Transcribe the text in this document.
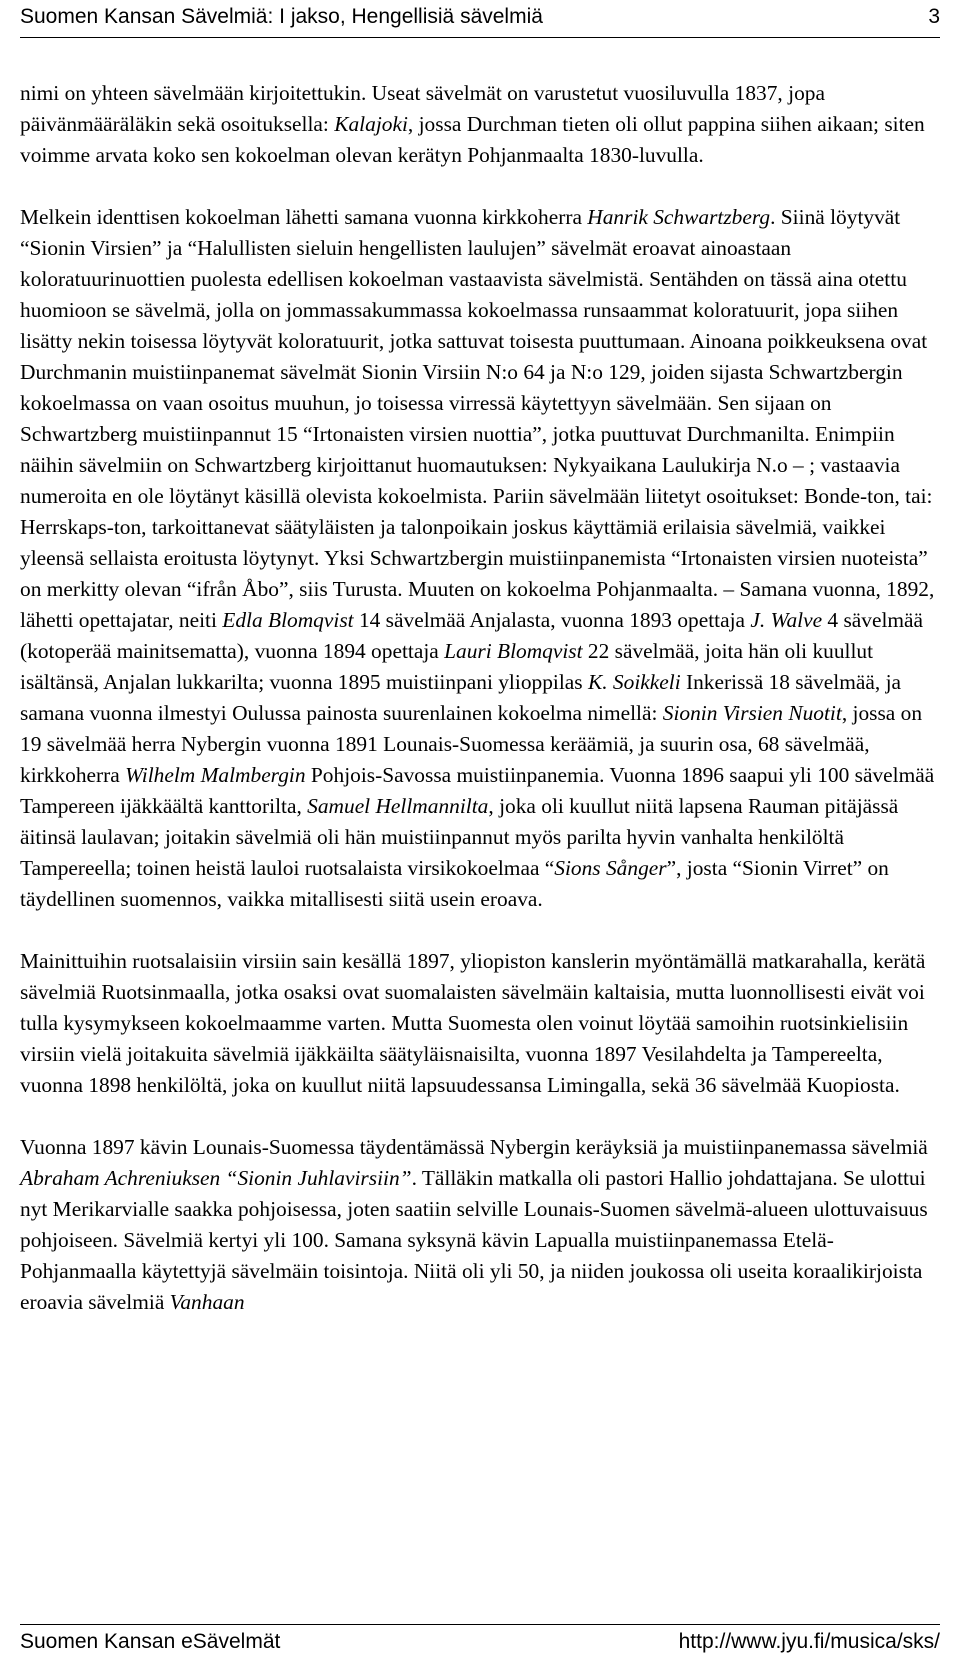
Suomen Kansan Sävelmiä: I jakso, Hengellisiä sävelmiä	3

nimi on yhteen sävelmään kirjoitettukin. Useat sävelmät on varustetut vuosiluvulla 1837, jopa päivänmääräläkin sekä osoituksella: Kalajoki, jossa Durchman tieten oli ollut pappina siihen aikaan; siten voimme arvata koko sen kokoelman olevan kerätyn Pohjanmaalta 1830-luvulla.

Melkein identtisen kokoelman lähetti samana vuonna kirkkoherra Hanrik Schwartzberg. Siinä löytyvät “Sionin Virsien” ja “Halullisten sieluin hengellisten laulujen” sävelmät eroavat ainoastaan koloratuurinuottien puolesta edellisen kokoelman vastaavista sävelmistä. Sentähden on tässä aina otettu huomioon se sävelmä, jolla on jommassakummassa kokoelmassa runsaammat koloratuurit, jopa siihen lisätty nekin toisessa löytyvät koloratuurit, jotka sattuvat toisesta puuttumaan. Ainoana poikkeuksena ovat Durchmanin muistiinpanemat sävelmät Sionin Virsiin N:o 64 ja N:o 129, joiden sijasta Schwartzbergin kokoelmassa on vaan osoitus muuhun, jo toisessa virressä käytettyyn sävelmään. Sen sijaan on Schwartzberg muistiinpannut 15 “Irtonaisten virsien nuottia”, jotka puuttuvat Durchmanilta. Enimpiin näihin sävelmiin on Schwartzberg kirjoittanut huomautuksen: Nykyaikana Laulukirja N.o – ; vastaavia numeroita en ole löytänyt käsillä olevista kokoelmista. Pariin sävelmään liitetyt osoitukset: Bonde-ton, tai: Herrskaps-ton, tarkoittanevat säätyläisten ja talonpoikain joskus käyttämiä erilaisia sävelmiä, vaikkei yleensä sellaista eroitusta löytynyt. Yksi Schwartzbergin muistiinpanemista “Irtonaisten virsien nuoteista” on merkitty olevan “ifrån Åbo”, siis Turusta. Muuten on kokoelma Pohjanmaalta. – Samana vuonna, 1892, lähetti opettajatar, neiti Edla Blomqvist 14 sävelmää Anjalasta, vuonna 1893 opettaja J. Walve 4 sävelmää (kotoperää mainitsematta), vuonna 1894 opettaja Lauri Blomqvist 22 sävelmää, joita hän oli kuullut isältänsä, Anjalan lukkarilta; vuonna 1895 muistiinpani ylioppilas K. Soikkeli Inkerissä 18 sävelmää, ja samana vuonna ilmestyi Oulussa painosta suurenlainen kokoelma nimellä: Sionin Virsien Nuotit, jossa on 19 sävelmää herra Nybergin vuonna 1891 Lounais-Suomessa keräämiä, ja suurin osa, 68 sävelmää, kirkkoherra Wilhelm Malmbergin Pohjois-Savossa muistiinpanemia. Vuonna 1896 saapui yli 100 sävelmää Tampereen ijäkkäältä kanttorilta, Samuel Hellmannilta, joka oli kuullut niitä lapsena Rauman pitäjässä äitinsä laulavan; joitakin sävelmiä oli hän muistiinpannut myös parilta hyvin vanhalta henkilöltä Tampereella; toinen heistä lauloi ruotsalaista virsikokoelmaa “Sions Sånger”, josta “Sionin Virret” on täydellinen suomennos, vaikka mitallisesti siitä usein eroava.

Mainittuihin ruotsalaisiin virsiin sain kesällä 1897, yliopiston kanslerin myöntämällä matkarahalla, kerätä sävelmiä Ruotsinmaalla, jotka osaksi ovat suomalaisten sävelmäin kaltaisia, mutta luonnollisesti eivät voi tulla kysymykseen kokoelmaamme varten. Mutta Suomesta olen voinut löytää samoihin ruotsinkielisiin virsiin vielä joitakuita sävelmiä ijäkkäilta säätyläisnaisilta, vuonna 1897 Vesilahdelta ja Tampereelta, vuonna 1898 henkilöltä, joka on kuullut niitä lapsuudessansa Limingalla, sekä 36 sävelmää Kuopiosta.

Vuonna 1897 kävin Lounais-Suomessa täydentämässä Nybergin keräyksiä ja muistiinpanemassa sävelmiä Abraham Achreniuksen “Sionin Juhlavirsiin”. Tälläkin matkalla oli pastori Hallio johdattajana. Se ulottui nyt Merikarvialle saakka pohjoisessa, joten saatiin selville Lounais-Suomen sävelmä-alueen ulottuvaisuus pohjoiseen. Sävelmiä kertyi yli 100. Samana syksynä kävin Lapualla muistiinpanemassa Etelä-Pohjanmaalla käytettyjä sävelmäin toisintoja. Niitä oli yli 50, ja niiden joukossa oli useita koraalikirjoista eroavia sävelmiä Vanhaan

Suomen Kansan eSävelmät	http://www.jyu.fi/musica/sks/
